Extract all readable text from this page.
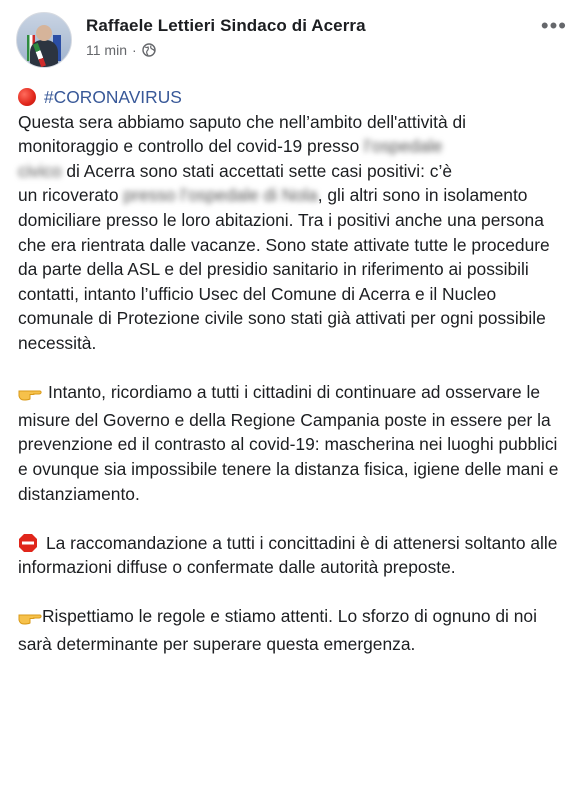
Raffaele Lettieri Sindaco di Acerra
11 min ·
•••
#CORONAVIRUS

Questa sera abbiamo saputo che nell’ambito dell'attività di
monitoraggio e controllo del covid-19 presso l’ospedale
civico di Acerra sono stati accettati sette casi positivi: c’è
un ricoverato presso l’ospedale di Nola, gli altri sono in isolamento domiciliare presso le loro abitazioni. Tra i positivi anche una persona che era rientrata dalle vacanze. Sono state attivate tutte le procedure da parte della ASL e del presidio sanitario in riferimento ai possibili contatti, intanto l’ufficio Usec del Comune di Acerra e il Nucleo comunale di Protezione civile sono stati già attivati per ogni possibile necessità.

Intanto, ricordiamo a tutti i cittadini di continuare ad osservare le misure del Governo e della Regione Campania poste in essere per la prevenzione ed il contrasto al covid-19: mascherina nei luoghi pubblici e ovunque sia impossibile tenere la distanza fisica, igiene delle mani e distanziamento.

La raccomandazione a tutti i concittadini è di attenersi soltanto alle informazioni diffuse o confermate dalle autorità preposte.

Rispettiamo le regole e stiamo attenti. Lo sforzo di ognuno di noi sarà determinante per superare questa emergenza.
